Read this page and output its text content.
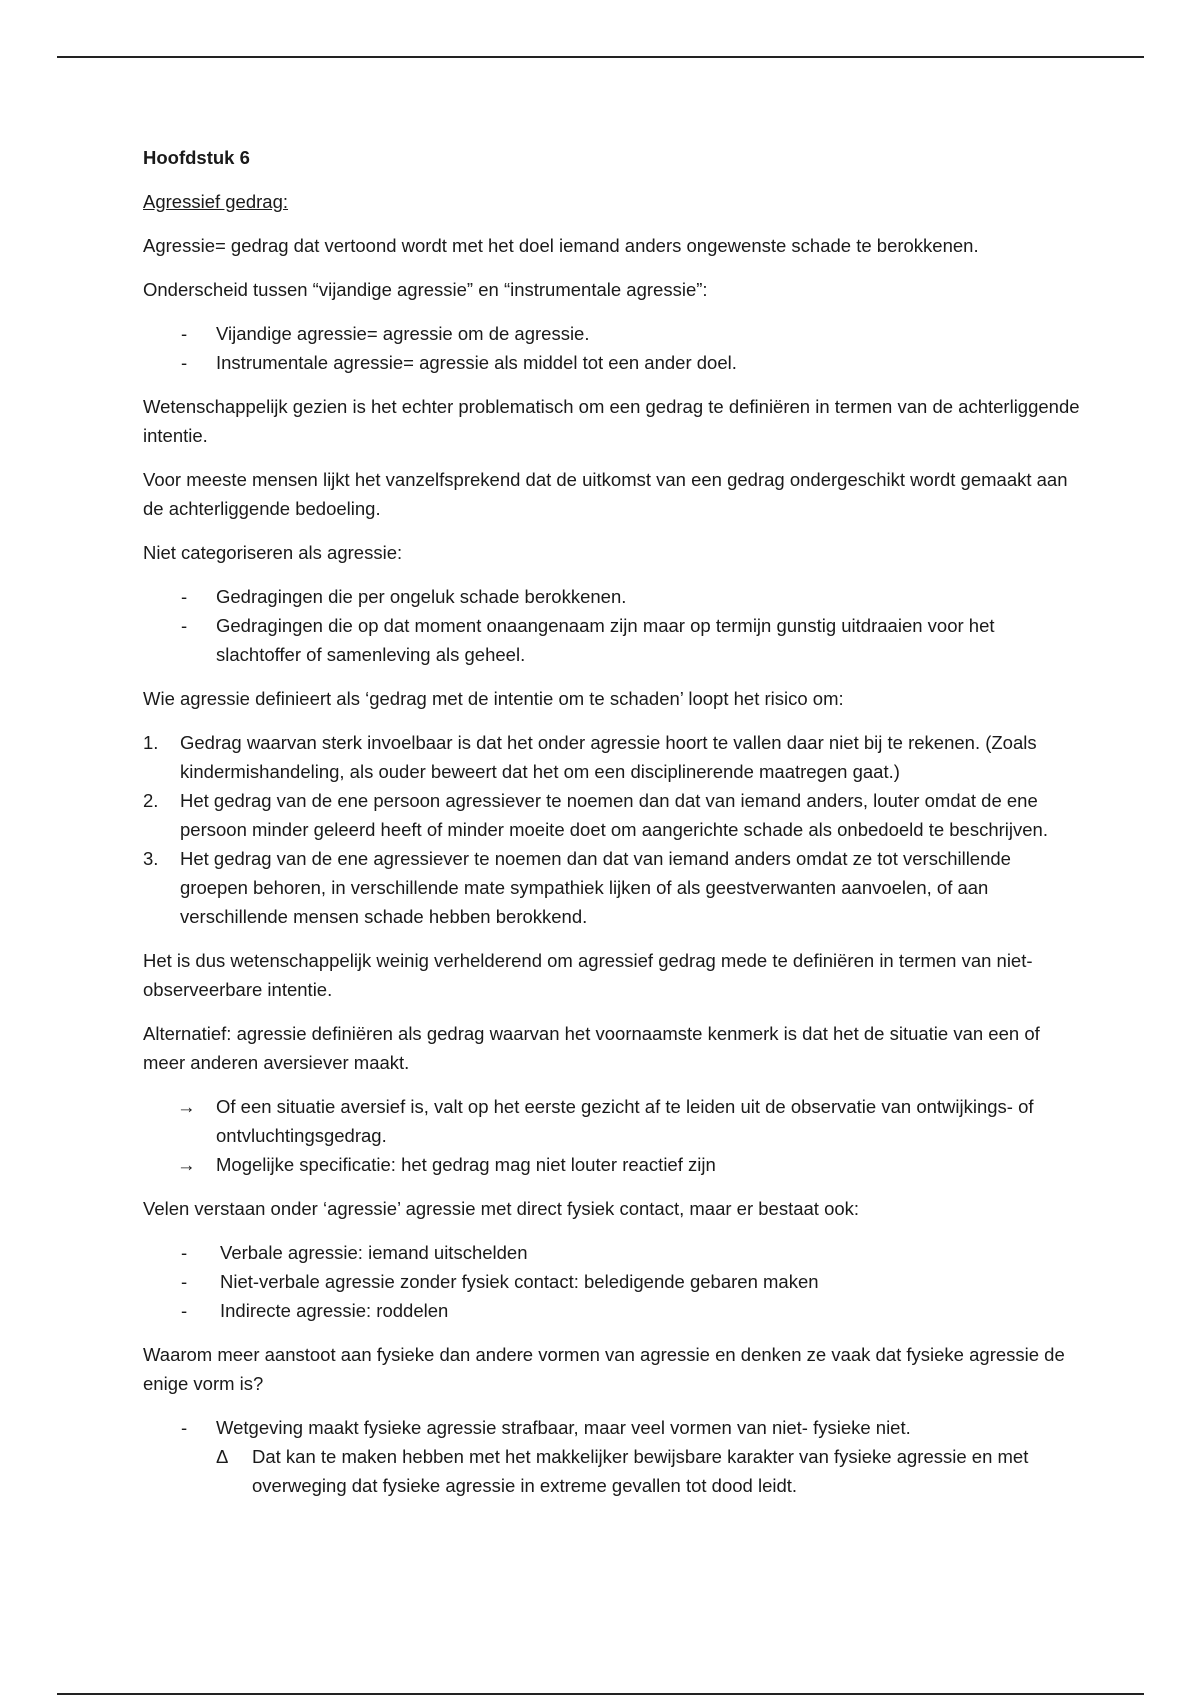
Hoofdstuk 6
Agressief gedrag:

Agressie= gedrag dat vertoond wordt met het doel iemand anders ongewenste schade te berokkenen.

Onderscheid tussen “vijandige agressie” en “instrumentale agressie”:

- Vijandige agressie= agressie om de agressie.
- Instrumentale agressie= agressie als middel tot een ander doel.

Wetenschappelijk gezien is het echter problematisch om een gedrag te definiëren in termen van de achterliggende intentie.

Voor meeste mensen lijkt het vanzelfsprekend dat de uitkomst van een gedrag ondergeschikt wordt gemaakt aan de achterliggende bedoeling.

Niet categoriseren als agressie:

- Gedragingen die per ongeluk schade berokkenen.
- Gedragingen die op dat moment onaangenaam zijn maar op termijn gunstig uitdraaien voor het slachtoffer of samenleving als geheel.

Wie agressie definieert als ‘gedrag met de intentie om te schaden’ loopt het risico om:

1. Gedrag waarvan sterk invoelbaar is dat het onder agressie hoort te vallen daar niet bij te rekenen. (Zoals kindermishandeling, als ouder beweert dat het om een disciplinerende maatregen gaat.)
2. Het gedrag van de ene persoon agressiever te noemen dan dat van iemand anders, louter omdat de ene persoon minder geleerd heeft of minder moeite doet om aangerichte schade als onbedoeld te beschrijven.
3. Het gedrag van de ene agressiever te noemen dan dat van iemand anders omdat ze tot verschillende groepen behoren, in verschillende mate sympathiek lijken of als geestverwanten aanvoelen, of aan verschillende mensen schade hebben berokkend.

Het is dus wetenschappelijk weinig verhelderend om agressief gedrag mede te definiëren in termen van niet-observeerbare intentie.

Alternatief: agressie definiëren als gedrag waarvan het voornaamste kenmerk is dat het de situatie van een of meer anderen aversiever maakt.

→ Of een situatie aversief is, valt op het eerste gezicht af te leiden uit de observatie van ontwijkings- of ontvluchtingsgedrag.
→ Mogelijke specificatie: het gedrag mag niet louter reactief zijn

Velen verstaan onder ‘agressie’ agressie met direct fysiek contact, maar er bestaat ook:

- Verbale agressie: iemand uitschelden
- Niet-verbale agressie zonder fysiek contact: beledigende gebaren maken
- Indirecte agressie: roddelen

Waarom meer aanstoot aan fysieke dan andere vormen van agressie en denken ze vaak dat fysieke agressie de enige vorm is?

- Wetgeving maakt fysieke agressie strafbaar, maar veel vormen van niet- fysieke niet.
Δ Dat kan te maken hebben met het makkelijker bewijsbare karakter van fysieke agressie en met overweging dat fysieke agressie in extreme gevallen tot dood leidt.
